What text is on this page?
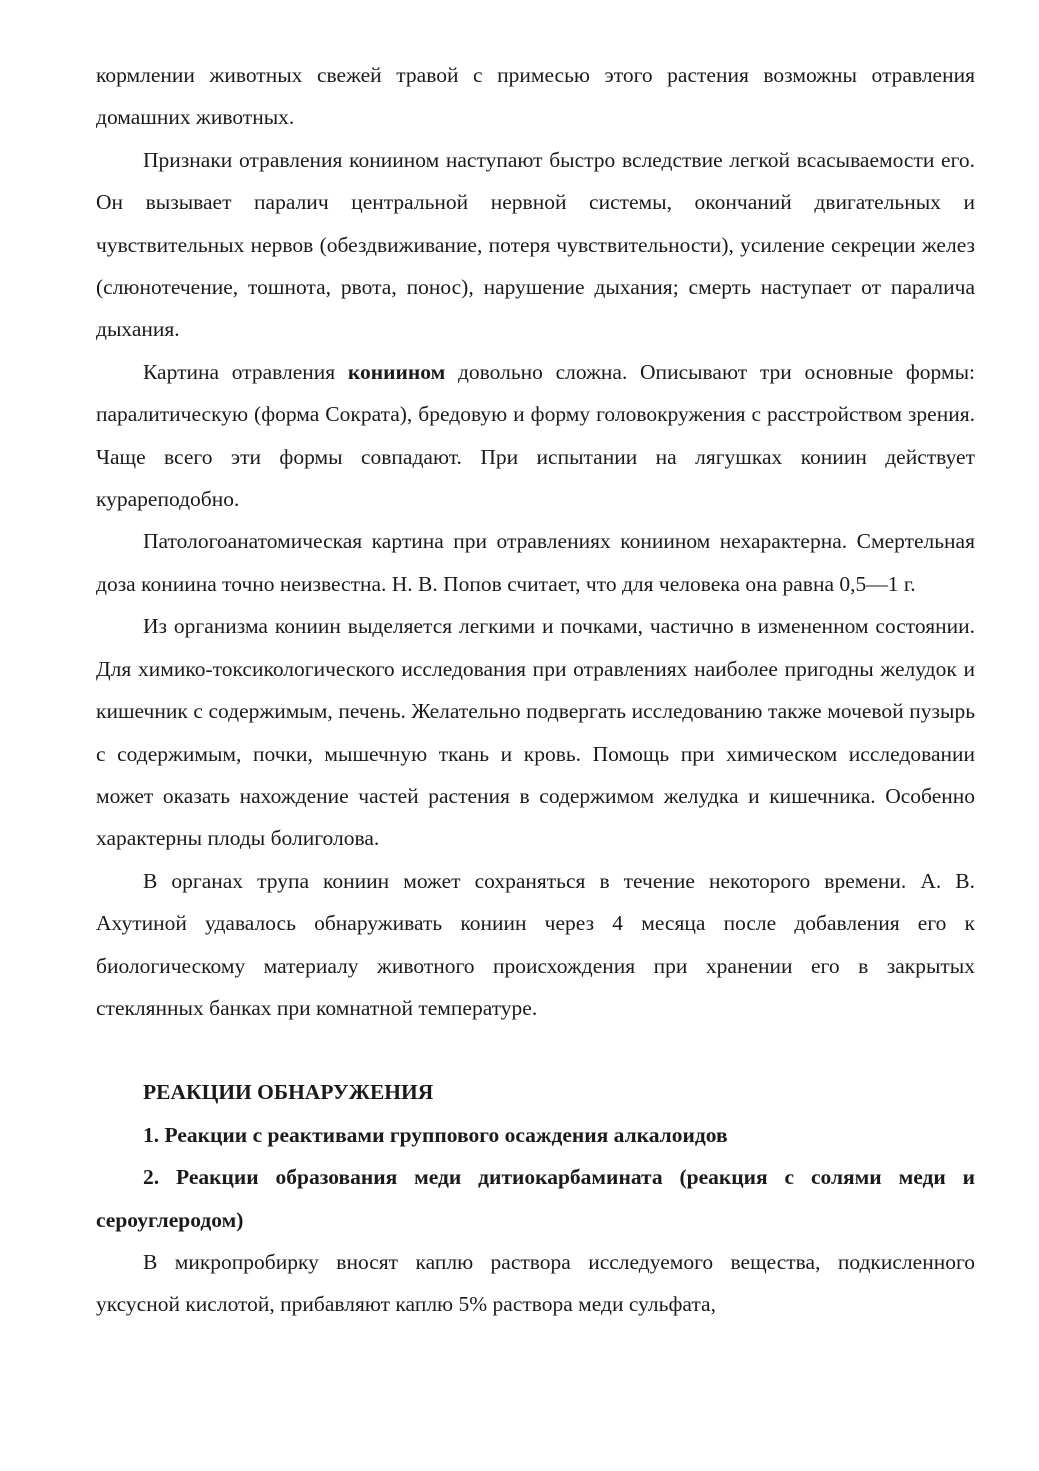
кормлении животных свежей травой с примесью этого растения возможны отравления домашних животных.

Признаки отравления кониином наступают быстро вследствие легкой всасываемости его. Он вызывает паралич центральной нервной системы, окончаний двигательных и чувствительных нервов (обездвиживание, потеря чувствительности), усиление секреции желез (слюнотечение, тошнота, рвота, понос), нарушение дыхания; смерть наступает от паралича дыхания.

Картина отравления кониином довольно сложна. Описывают три основные формы: паралитическую (форма Сократа), бредовую и форму головокружения с расстройством зрения. Чаще всего эти формы совпадают. При испытании на лягушках кониин действует курареподобно.

Патологоанатомическая картина при отравлениях кониином нехарактерна. Смертельная доза кониина точно неизвестна. Н. В. Попов считает, что для человека она равна 0,5—1 г.

Из организма кониин выделяется легкими и почками, частично в измененном состоянии. Для химико-токсикологического исследования при отравлениях наиболее пригодны желудок и кишечник с содержимым, печень. Желательно подвергать исследованию также мочевой пузырь с содержимым, почки, мышечную ткань и кровь. Помощь при химическом исследовании может оказать нахождение частей растения в содержимом желудка и кишечника. Особенно характерны плоды болиголова.

В органах трупа кониин может сохраняться в течение некоторого времени. А. В. Ахутиной удавалось обнаруживать кониин через 4 месяца после добавления его к биологическому материалу животного происхождения при хранении его в закрытых стеклянных банках при комнатной температуре.

РЕАКЦИИ ОБНАРУЖЕНИЯ

1. Реакции с реактивами группового осаждения алкалоидов

2. Реакции образования меди дитиокарбамината (реакция с солями меди и сероуглеродом)

В микропробирку вносят каплю раствора исследуемого вещества, подкисленного уксусной кислотой, прибавляют каплю 5% раствора меди сульфата,
